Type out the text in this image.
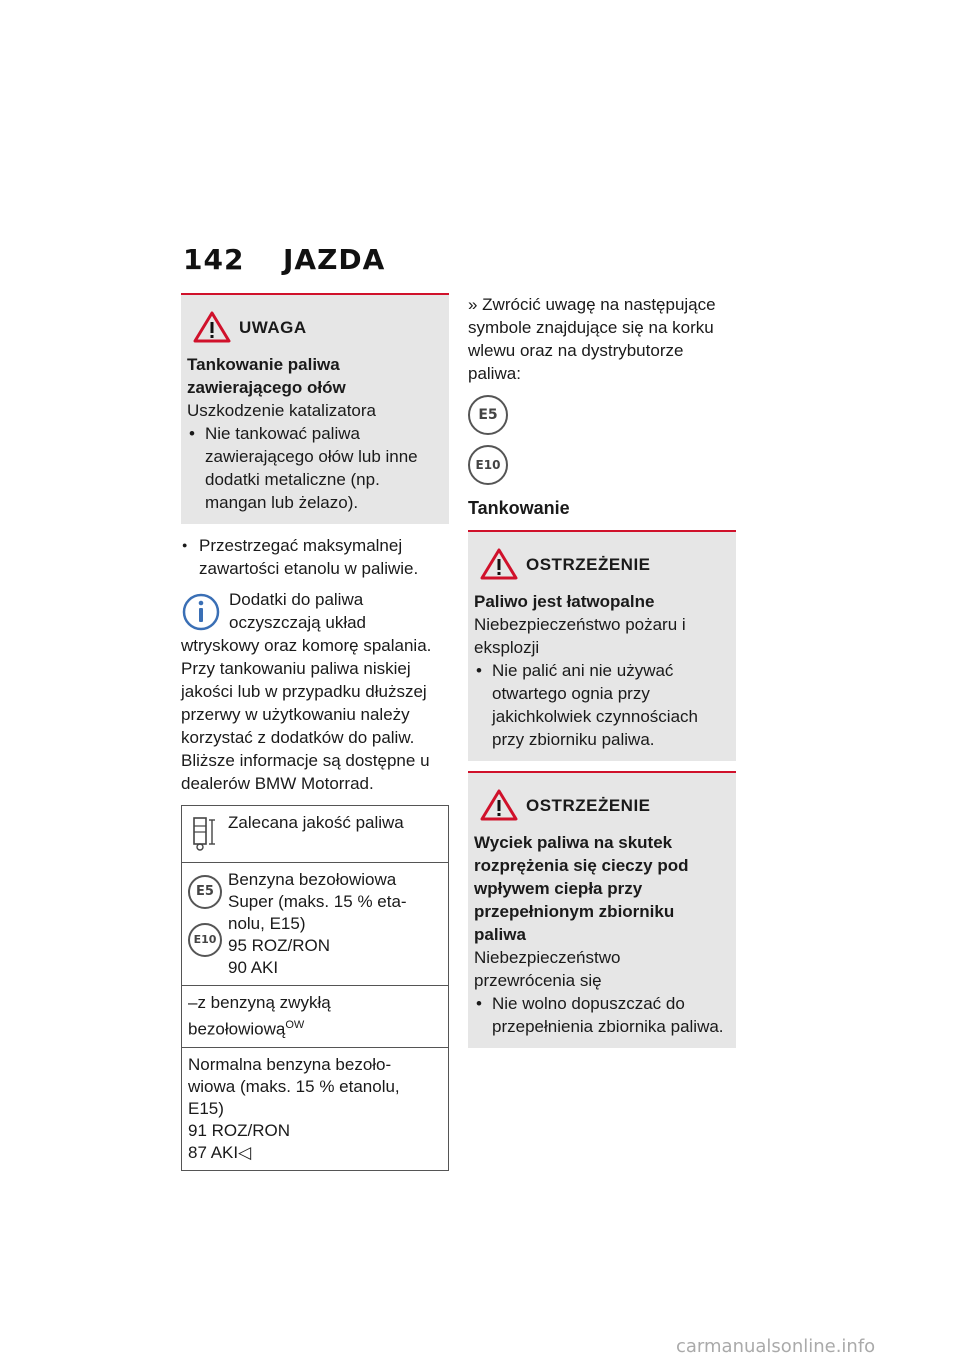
142 JAZDA
UWAGA
Tankowanie paliwa zawierającego ołów
Uszkodzenie katalizatora
• Nie tankować paliwa zawierającego ołów lub inne dodatki metaliczne (np. mangan lub żelazo).
● Przestrzegać maksymalnej zawartości etanolu w paliwie.
Dodatki do paliwa oczyszczają układ wtryskowy oraz komorę spalania. Przy tankowaniu paliwa niskiej jakości lub w przypadku dłuższej przerwy w użytkowaniu należy korzystać z dodatków do paliw. Bliższe informacje są dostępne u dealerów BMW Motorrad.
Zalecana jakość paliwa

E5
E10
Benzyna bezołowiowa
Super (maks. 15 % eta-
nolu, E15)
95 ROZ/RON
90 AKI

–z benzyną zwykłą bezołowiową$^{OW}$

Normalna benzyna bezoło-
wiowa (maks. 15 % etanolu,
E15)
91 ROZ/RON
87 AKI◁
» Zwrócić uwagę na następujące symbole znajdujące się na korku wlewu oraz na dystrybutorze paliwa:
E5
E10
Tankowanie
OSTRZEŻENIE
Paliwo jest łatwopalne
Niebezpieczeństwo pożaru i eksplozji
• Nie palić ani nie używać otwartego ognia przy jakichkolwiek czynnościach przy zbiorniku paliwa.
OSTRZEŻENIE
Wyciek paliwa na skutek rozprężenia się cieczy pod wpływem ciepła przy przepełnionym zbiorniku paliwa
Niebezpieczeństwo przewrócenia się
• Nie wolno dopuszczać do przepełnienia zbiornika paliwa.
carmanualsonline.info
